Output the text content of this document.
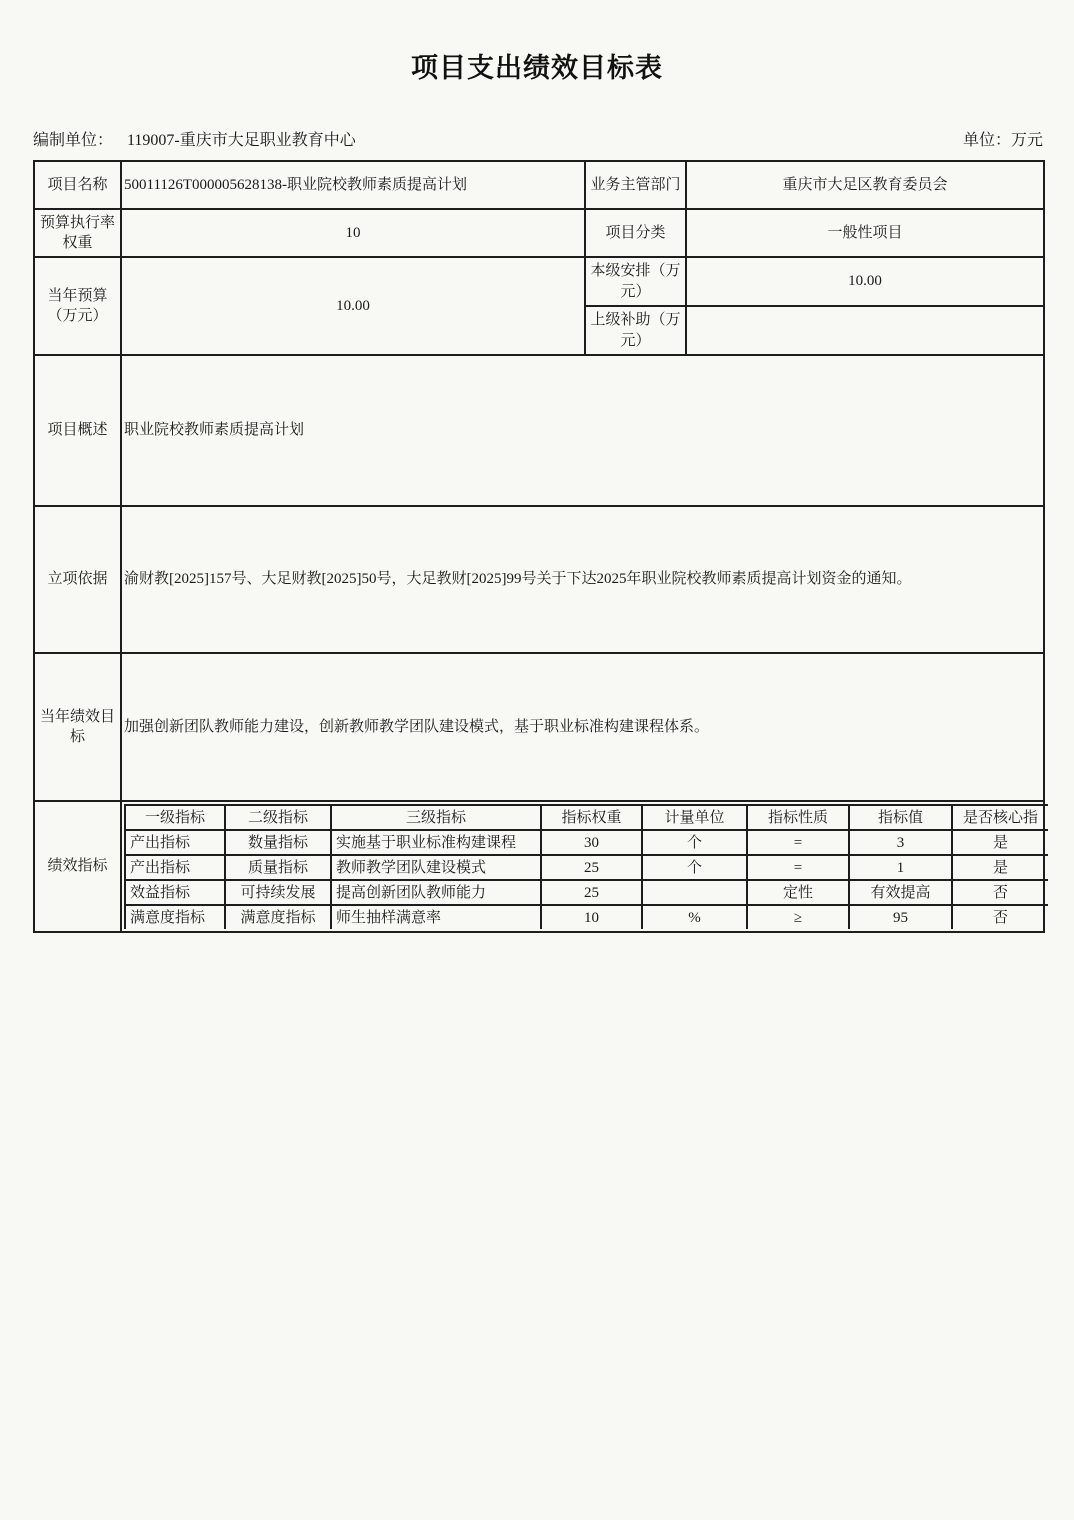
项目支出绩效目标表
编制单位： 119007-重庆市大足职业教育中心	单位：万元
项目名称	50011126T000005628138-职业院校教师素质提高计划	业务主管部门	重庆市大足区教育委员会
预算执行率权重	10	项目分类	一般性项目
当年预算（万元）	10.00	本级安排（万元）	10.00
上级补助（万元）	
项目概述	职业院校教师素质提高计划
立项依据	渝财教[2025]157号、大足财教[2025]50号，大足教财[2025]99号关于下达2025年职业院校教师素质提高计划资金的通知。
当年绩效目标	加强创新团队教师能力建设，创新教师教学团队建设模式，基于职业标准构建课程体系。
绩效指标	
一级指标	二级指标	三级指标	指标权重	计量单位	指标性质	指标值	是否核心指
产出指标	数量指标	实施基于职业标准构建课程	30	个	=	3	是
产出指标	质量指标	教师教学团队建设模式	25	个	=	1	是
效益指标	可持续发展	提高创新团队教师能力	25		定性	有效提高	否
满意度指标	满意度指标	师生抽样满意率	10	%	≥	95	否
